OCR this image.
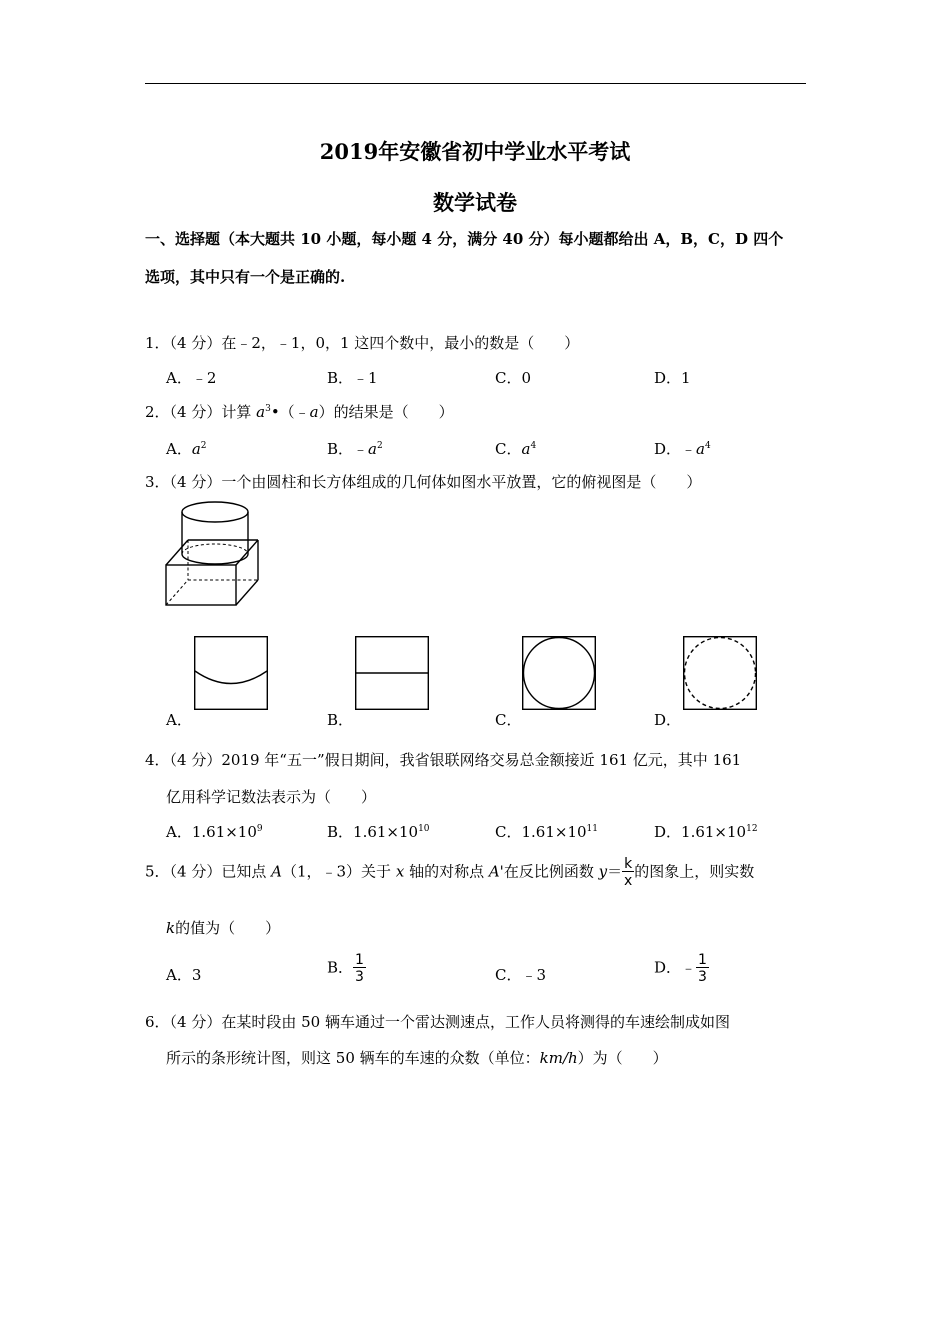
2019年安徽省初中学业水平考试
数学试卷
一、选择题（本大题共 10 小题，每小题 4 分，满分 40 分）每小题都给出 A，B，C，D 四个
选项，其中只有一个是正确的.
1．（4 分）在﹣2，﹣1，0，1 这四个数中，最小的数是（　　）
A．﹣2	B．﹣1	C．0	D．1
2．（4 分）计算 $a^3•(﹣a)$的结果是（　　）
A．$a^2$	B．$﹣a^2$	C．$a^4$	D．$﹣a^4$
3．（4 分）一个由圆柱和长方体组成的几何体如图水平放置，它的俯视图是（　　）
A．	B．	C．	D．
4．（4 分）2019 年“五一”假日期间，我省银联网络交易总金额接近 161 亿元，其中 161
亿用科学记数法表示为（　　）
A．$1.61\times 10^9$	B．$1.61\times 10^{10}$	C．$1.61\times 10^{11}$	D．$1.61\times 10^{12}$
5．（4 分）已知点 A（1，﹣3）关于 x 轴的对称点 A'在反比例函数 $y= \frac{k}{x}$ 的图象上，则实数
k的值为（　　）
A．3	B． $\frac{1}{3}$	C．﹣3	D．﹣ $\frac{1}{3}$
6．（4 分）在某时段由 50 辆车通过一个雷达测速点，工作人员将测得的车速绘制成如图
所示的条形统计图，则这 50 辆车的车速的众数（单位：km/h）为（　　）
